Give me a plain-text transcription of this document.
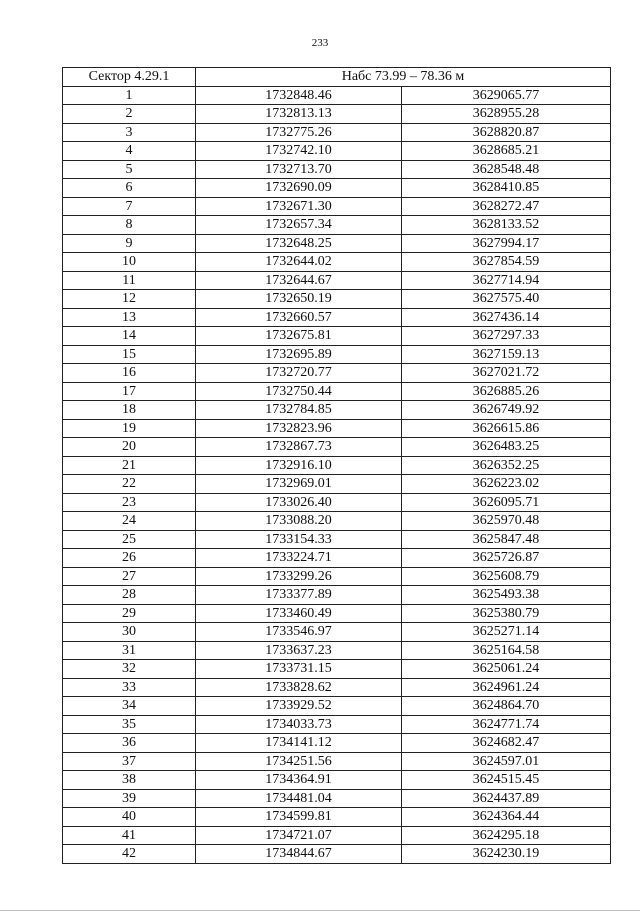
233
Сектор 4.29.1	Набс 73.99 – 78.36 м	
1	1732848.46	3629065.77
2	1732813.13	3628955.28
3	1732775.26	3628820.87
4	1732742.10	3628685.21
5	1732713.70	3628548.48
6	1732690.09	3628410.85
7	1732671.30	3628272.47
8	1732657.34	3628133.52
9	1732648.25	3627994.17
10	1732644.02	3627854.59
11	1732644.67	3627714.94
12	1732650.19	3627575.40
13	1732660.57	3627436.14
14	1732675.81	3627297.33
15	1732695.89	3627159.13
16	1732720.77	3627021.72
17	1732750.44	3626885.26
18	1732784.85	3626749.92
19	1732823.96	3626615.86
20	1732867.73	3626483.25
21	1732916.10	3626352.25
22	1732969.01	3626223.02
23	1733026.40	3626095.71
24	1733088.20	3625970.48
25	1733154.33	3625847.48
26	1733224.71	3625726.87
27	1733299.26	3625608.79
28	1733377.89	3625493.38
29	1733460.49	3625380.79
30	1733546.97	3625271.14
31	1733637.23	3625164.58
32	1733731.15	3625061.24
33	1733828.62	3624961.24
34	1733929.52	3624864.70
35	1734033.73	3624771.74
36	1734141.12	3624682.47
37	1734251.56	3624597.01
38	1734364.91	3624515.45
39	1734481.04	3624437.89
40	1734599.81	3624364.44
41	1734721.07	3624295.18
42	1734844.67	3624230.19
